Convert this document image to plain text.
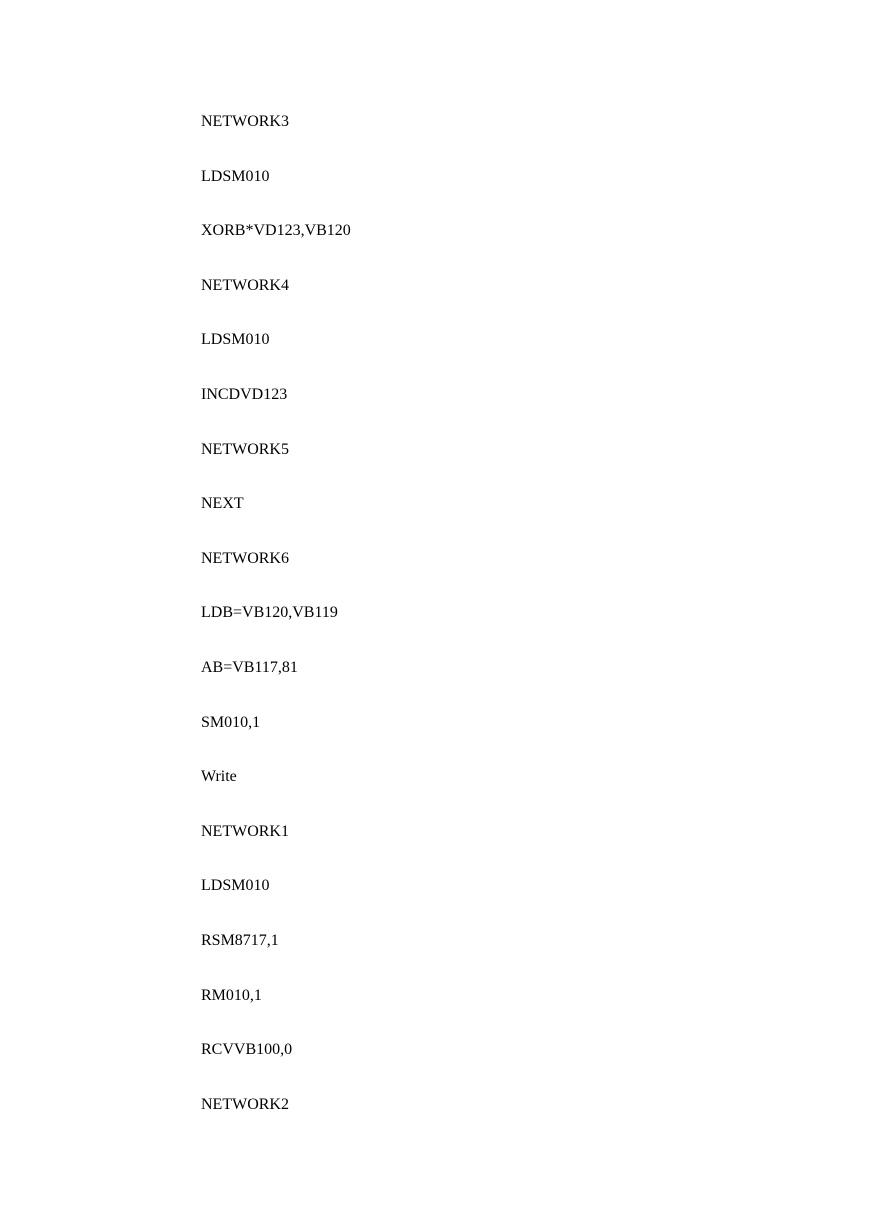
NETWORK3
LDSM010
XORB*VD123,VB120
NETWORK4
LDSM010
INCDVD123
NETWORK5
NEXT
NETWORK6
LDB=VB120,VB119
AB=VB117,81
SM010,1
Write
NETWORK1
LDSM010
RSM8717,1
RM010,1
RCVVB100,0
NETWORK2
